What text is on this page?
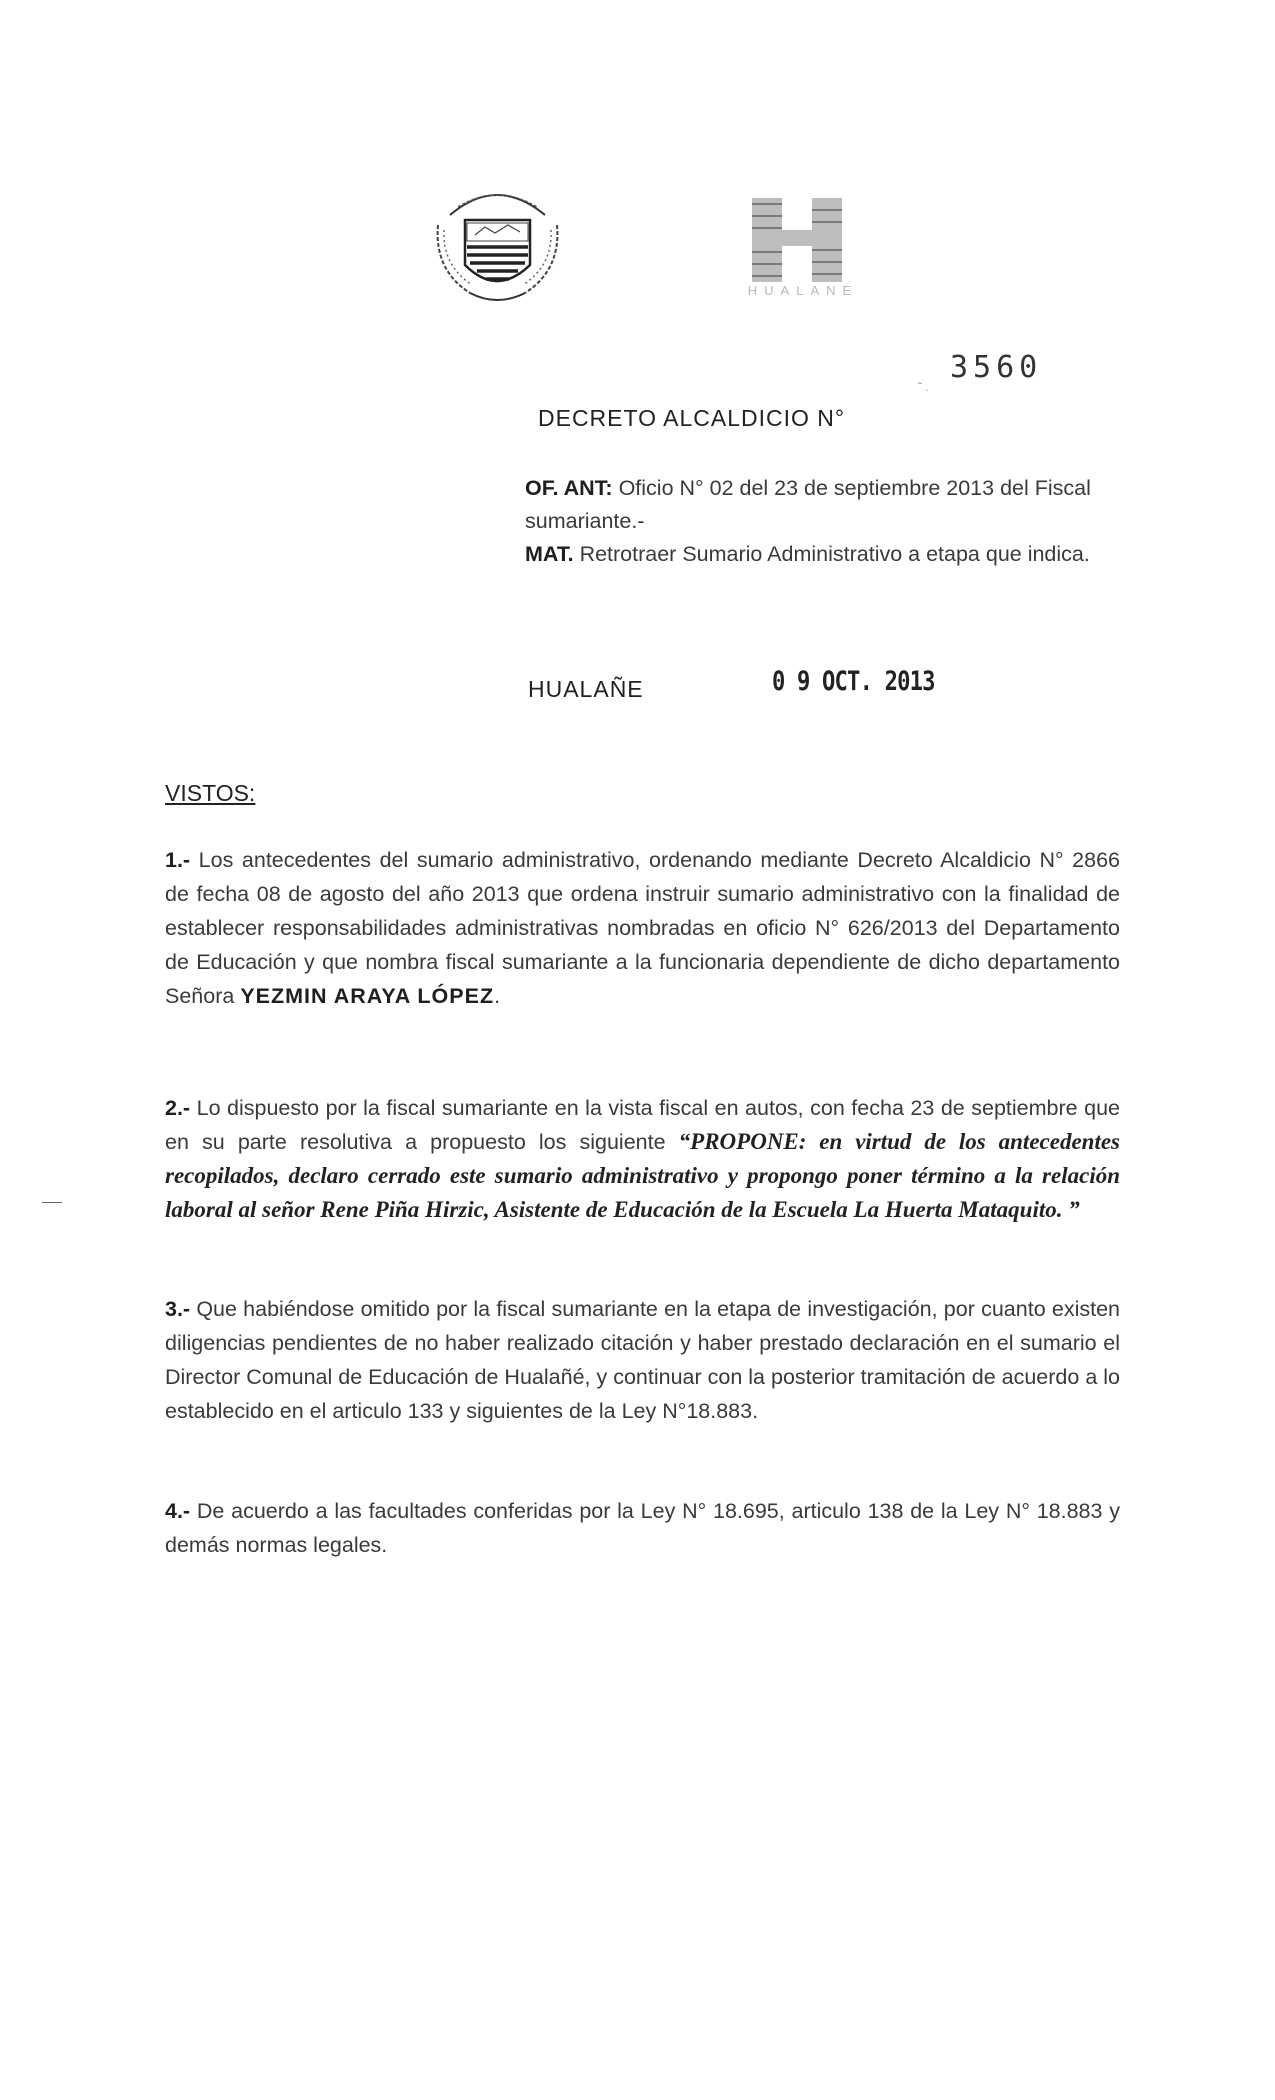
HUALANE
˜ .
3560
DECRETO ALCALDICIO N°
OF. ANT: Oficio N° 02 del 23 de septiembre 2013 del Fiscal sumariante.-
MAT. Retrotraer Sumario Administrativo a etapa que indica.
HUALAÑE	0 9 OCT. 2013
VISTOS:

1.- Los antecedentes del sumario administrativo, ordenando mediante Decreto Alcaldicio N° 2866 de fecha 08 de agosto del año 2013 que ordena instruir sumario administrativo con la finalidad de establecer responsabilidades administrativas nombradas en oficio N° 626/2013 del Departamento de Educación y que nombra fiscal sumariante a la funcionaria dependiente de dicho departamento Señora YEZMIN ARAYA LÓPEZ.

2.- Lo dispuesto por la fiscal sumariante en la vista fiscal en autos, con fecha 23 de septiembre que en su parte resolutiva a propuesto los siguiente “PROPONE: en virtud de los antecedentes recopilados, declaro cerrado este sumario administrativo y propongo poner término a la relación laboral al señor Rene Piña Hirzic, Asistente de Educación de la Escuela La Huerta Mataquito. ”

3.- Que habiéndose omitido por la fiscal sumariante en la etapa de investigación, por cuanto existen diligencias pendientes de no haber realizado citación y haber prestado declaración en el sumario el Director Comunal de Educación de Hualañé, y continuar con la posterior tramitación de acuerdo a lo establecido en el articulo 133 y siguientes de la Ley N°18.883.

4.- De acuerdo a las facultades conferidas por la Ley N° 18.695, articulo 138 de la Ley N° 18.883 y demás normas legales.
